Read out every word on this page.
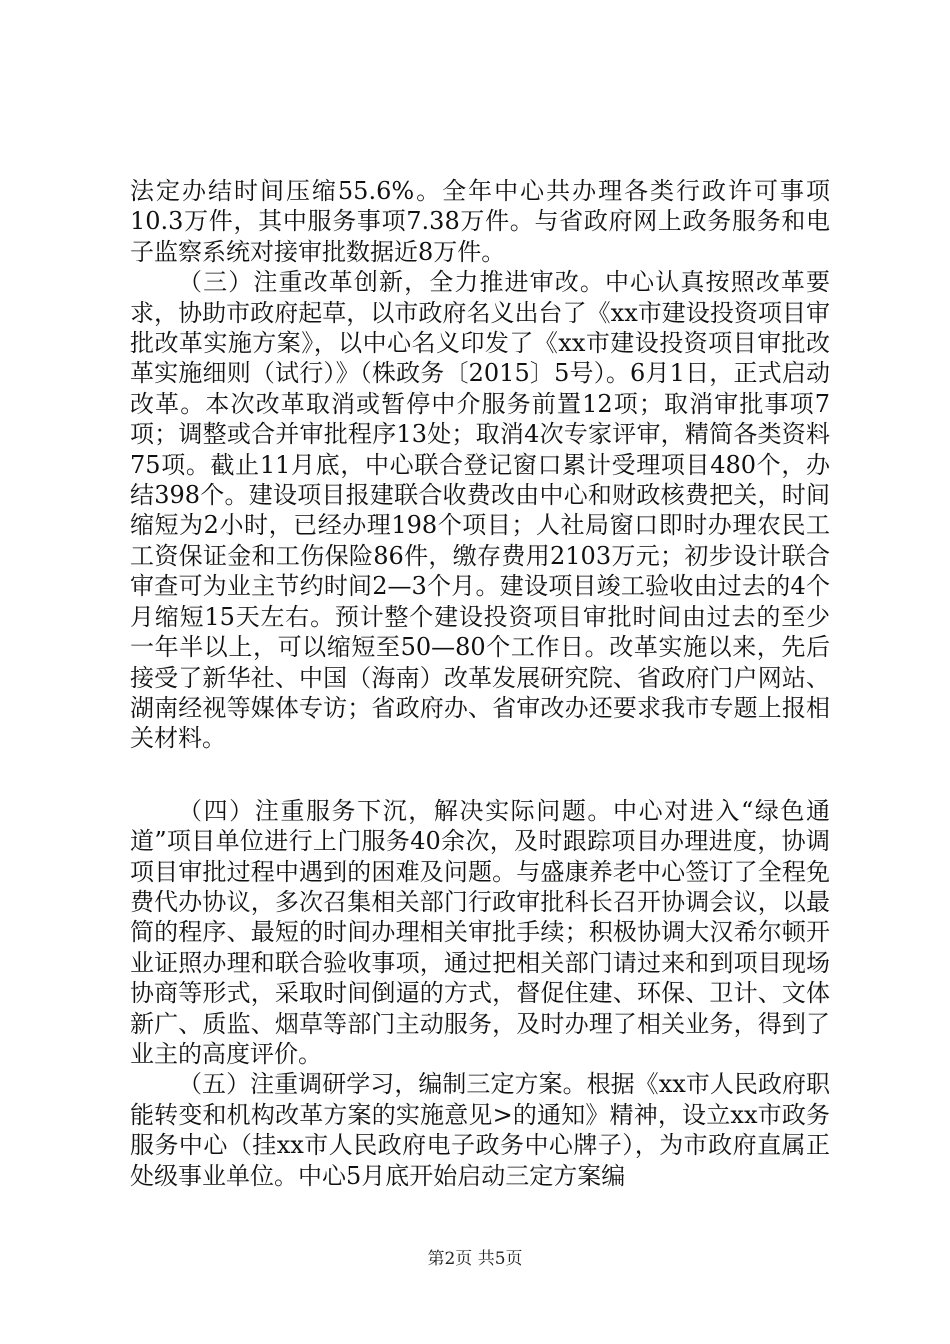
法定办结时间压缩55.6%。全年中心共办理各类行政许可事项10.3万件，其中服务事项7.38万件。与省政府网上政务服务和电子监察系统对接审批数据近8万件。

（三）注重改革创新，全力推进审改。中心认真按照改革要求，协助市政府起草，以市政府名义出台了《xx市建设投资项目审批改革实施方案》，以中心名义印发了《xx市建设投资项目审批改革实施细则（试行）》（株政务〔2015〕5号）。6月1日，正式启动改革。本次改革取消或暂停中介服务前置12项；取消审批事项7项；调整或合并审批程序13处；取消4次专家评审，精简各类资料75项。截止11月底，中心联合登记窗口累计受理项目480个，办结398个。建设项目报建联合收费改由中心和财政核费把关，时间缩短为2小时，已经办理198个项目；人社局窗口即时办理农民工工资保证金和工伤保险86件，缴存费用2103万元；初步设计联合审查可为业主节约时间2—3个月。建设项目竣工验收由过去的4个月缩短15天左右。预计整个建设投资项目审批时间由过去的至少一年半以上，可以缩短至50—80个工作日。改革实施以来，先后接受了新华社、中国（海南）改革发展研究院、省政府门户网站、湖南经视等媒体专访；省政府办、省审改办还要求我市专题上报相关材料。

（四）注重服务下沉，解决实际问题。中心对进入“绿色通道”项目单位进行上门服务40余次，及时跟踪项目办理进度，协调项目审批过程中遇到的困难及问题。与盛康养老中心签订了全程免费代办协议，多次召集相关部门行政审批科长召开协调会议，以最简的程序、最短的时间办理相关审批手续；积极协调大汉希尔顿开业证照办理和联合验收事项，通过把相关部门请过来和到项目现场协商等形式，采取时间倒逼的方式，督促住建、环保、卫计、文体新广、质监、烟草等部门主动服务，及时办理了相关业务，得到了业主的高度评价。

（五）注重调研学习，编制三定方案。根据《xx市人民政府职能转变和机构改革方案的实施意见>的通知》精神，设立xx市政务服务中心（挂xx市人民政府电子政务中心牌子），为市政府直属正处级事业单位。中心5月底开始启动三定方案编

第2页 共5页
